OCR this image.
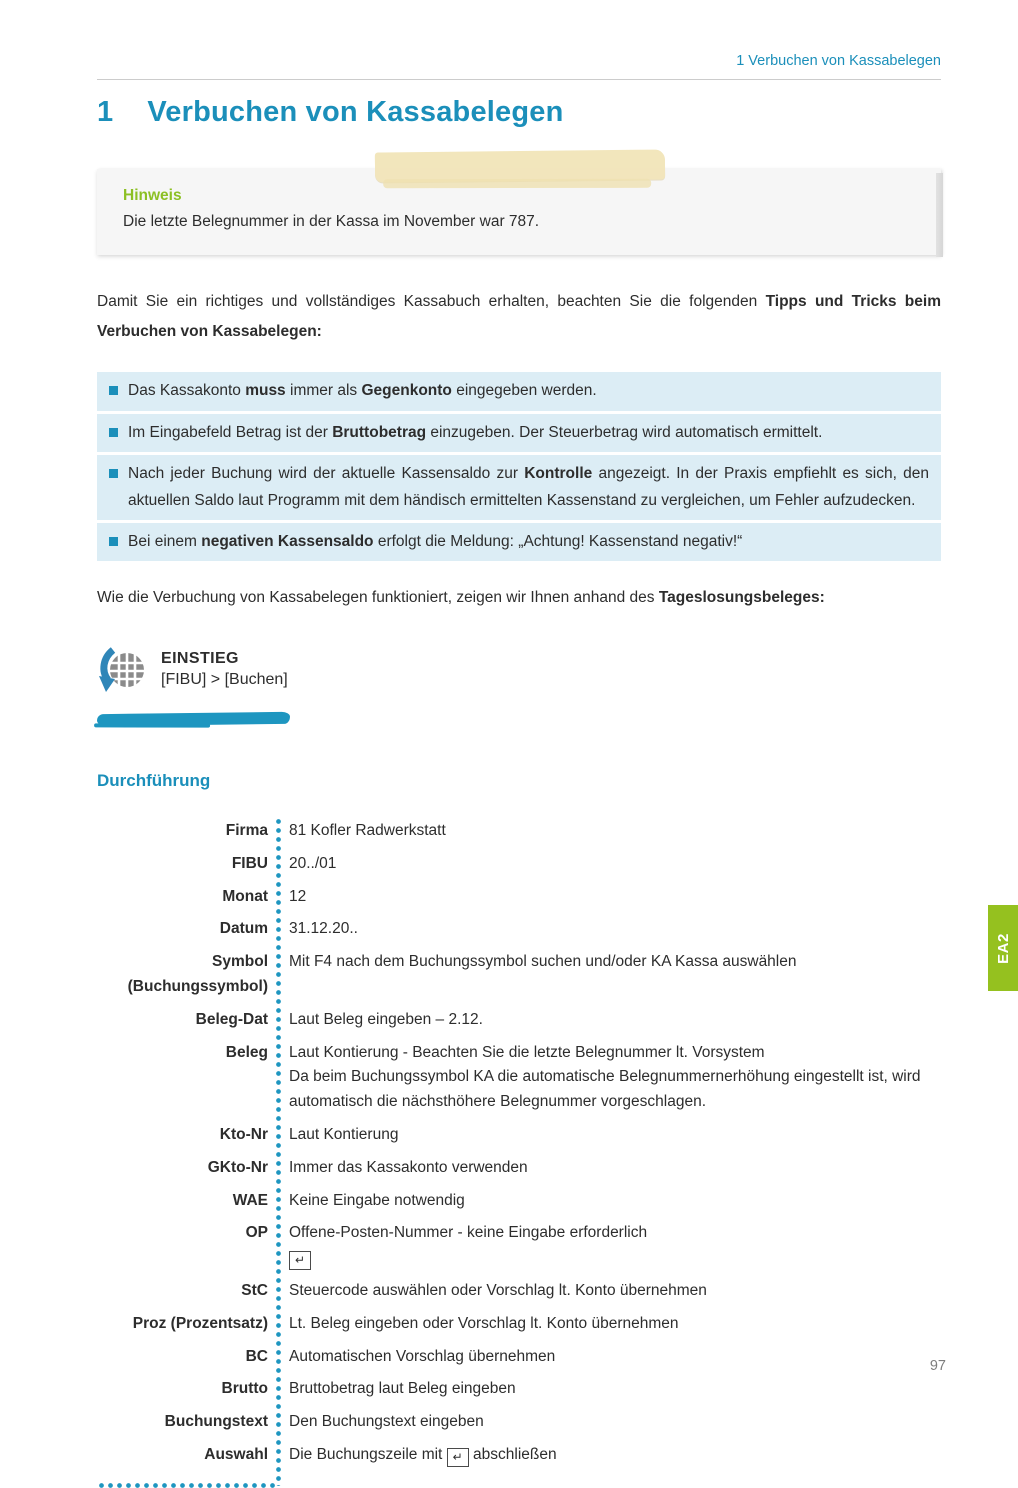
1 Verbuchen von Kassabelegen
1 Verbuchen von Kassabelegen

Hinweis

Die letzte Belegnummer in der Kassa im November war 787.

Damit Sie ein richtiges und vollständiges Kassabuch erhalten, beachten Sie die folgenden Tipps und Tricks beim Verbuchen von Kassabelegen:

Das Kassakonto muss immer als Gegenkonto eingegeben werden.
Im Eingabefeld Betrag ist der Bruttobetrag einzugeben. Der Steuerbetrag wird automatisch ermittelt.
Nach jeder Buchung wird der aktuelle Kassensaldo zur Kontrolle angezeigt. In der Praxis empfiehlt es sich, den aktuellen Saldo laut Programm mit dem händisch ermittelten Kassenstand zu vergleichen, um Fehler aufzudecken.
Bei einem negativen Kassensaldo erfolgt die Meldung: „Achtung! Kassenstand negativ!“

Wie die Verbuchung von Kassabelegen funktioniert, zeigen wir Ihnen anhand des Tageslosungsbeleges:

EINSTIEG
[FIBU] > [Buchen]
Durchführung
Firma 81 Kofler Radwerkstatt
FIBU 20../01
Monat 12
Datum 31.12.20..
Symbol
(Buchungssymbol)
Mit F4 nach dem Buchungssymbol suchen und/oder KA Kassa auswählen
Beleg-Dat Laut Beleg eingeben – 2.12.
Beleg Laut Kontierung - Beachten Sie die letzte Belegnummer lt. Vorsystem
Da beim Buchungssymbol KA die automatische Belegnummernerhöhung eingestellt ist, wird automatisch die nächsthöhere Belegnummer vorgeschlagen.
Kto-Nr Laut Kontierung
GKto-Nr Immer das Kassakonto verwenden
WAE Keine Eingabe notwendig
OP Offene-Posten-Nummer - keine Eingabe erforderlich
↵
StC Steuercode auswählen oder Vorschlag lt. Konto übernehmen
Proz (Prozentsatz) Lt. Beleg eingeben oder Vorschlag lt. Konto übernehmen
BC Automatischen Vorschlag übernehmen
Brutto Bruttobetrag laut Beleg eingeben
Buchungstext Den Buchungstext eingeben
Auswahl Die Buchungszeile mit ↵ abschließen
EA2
97
